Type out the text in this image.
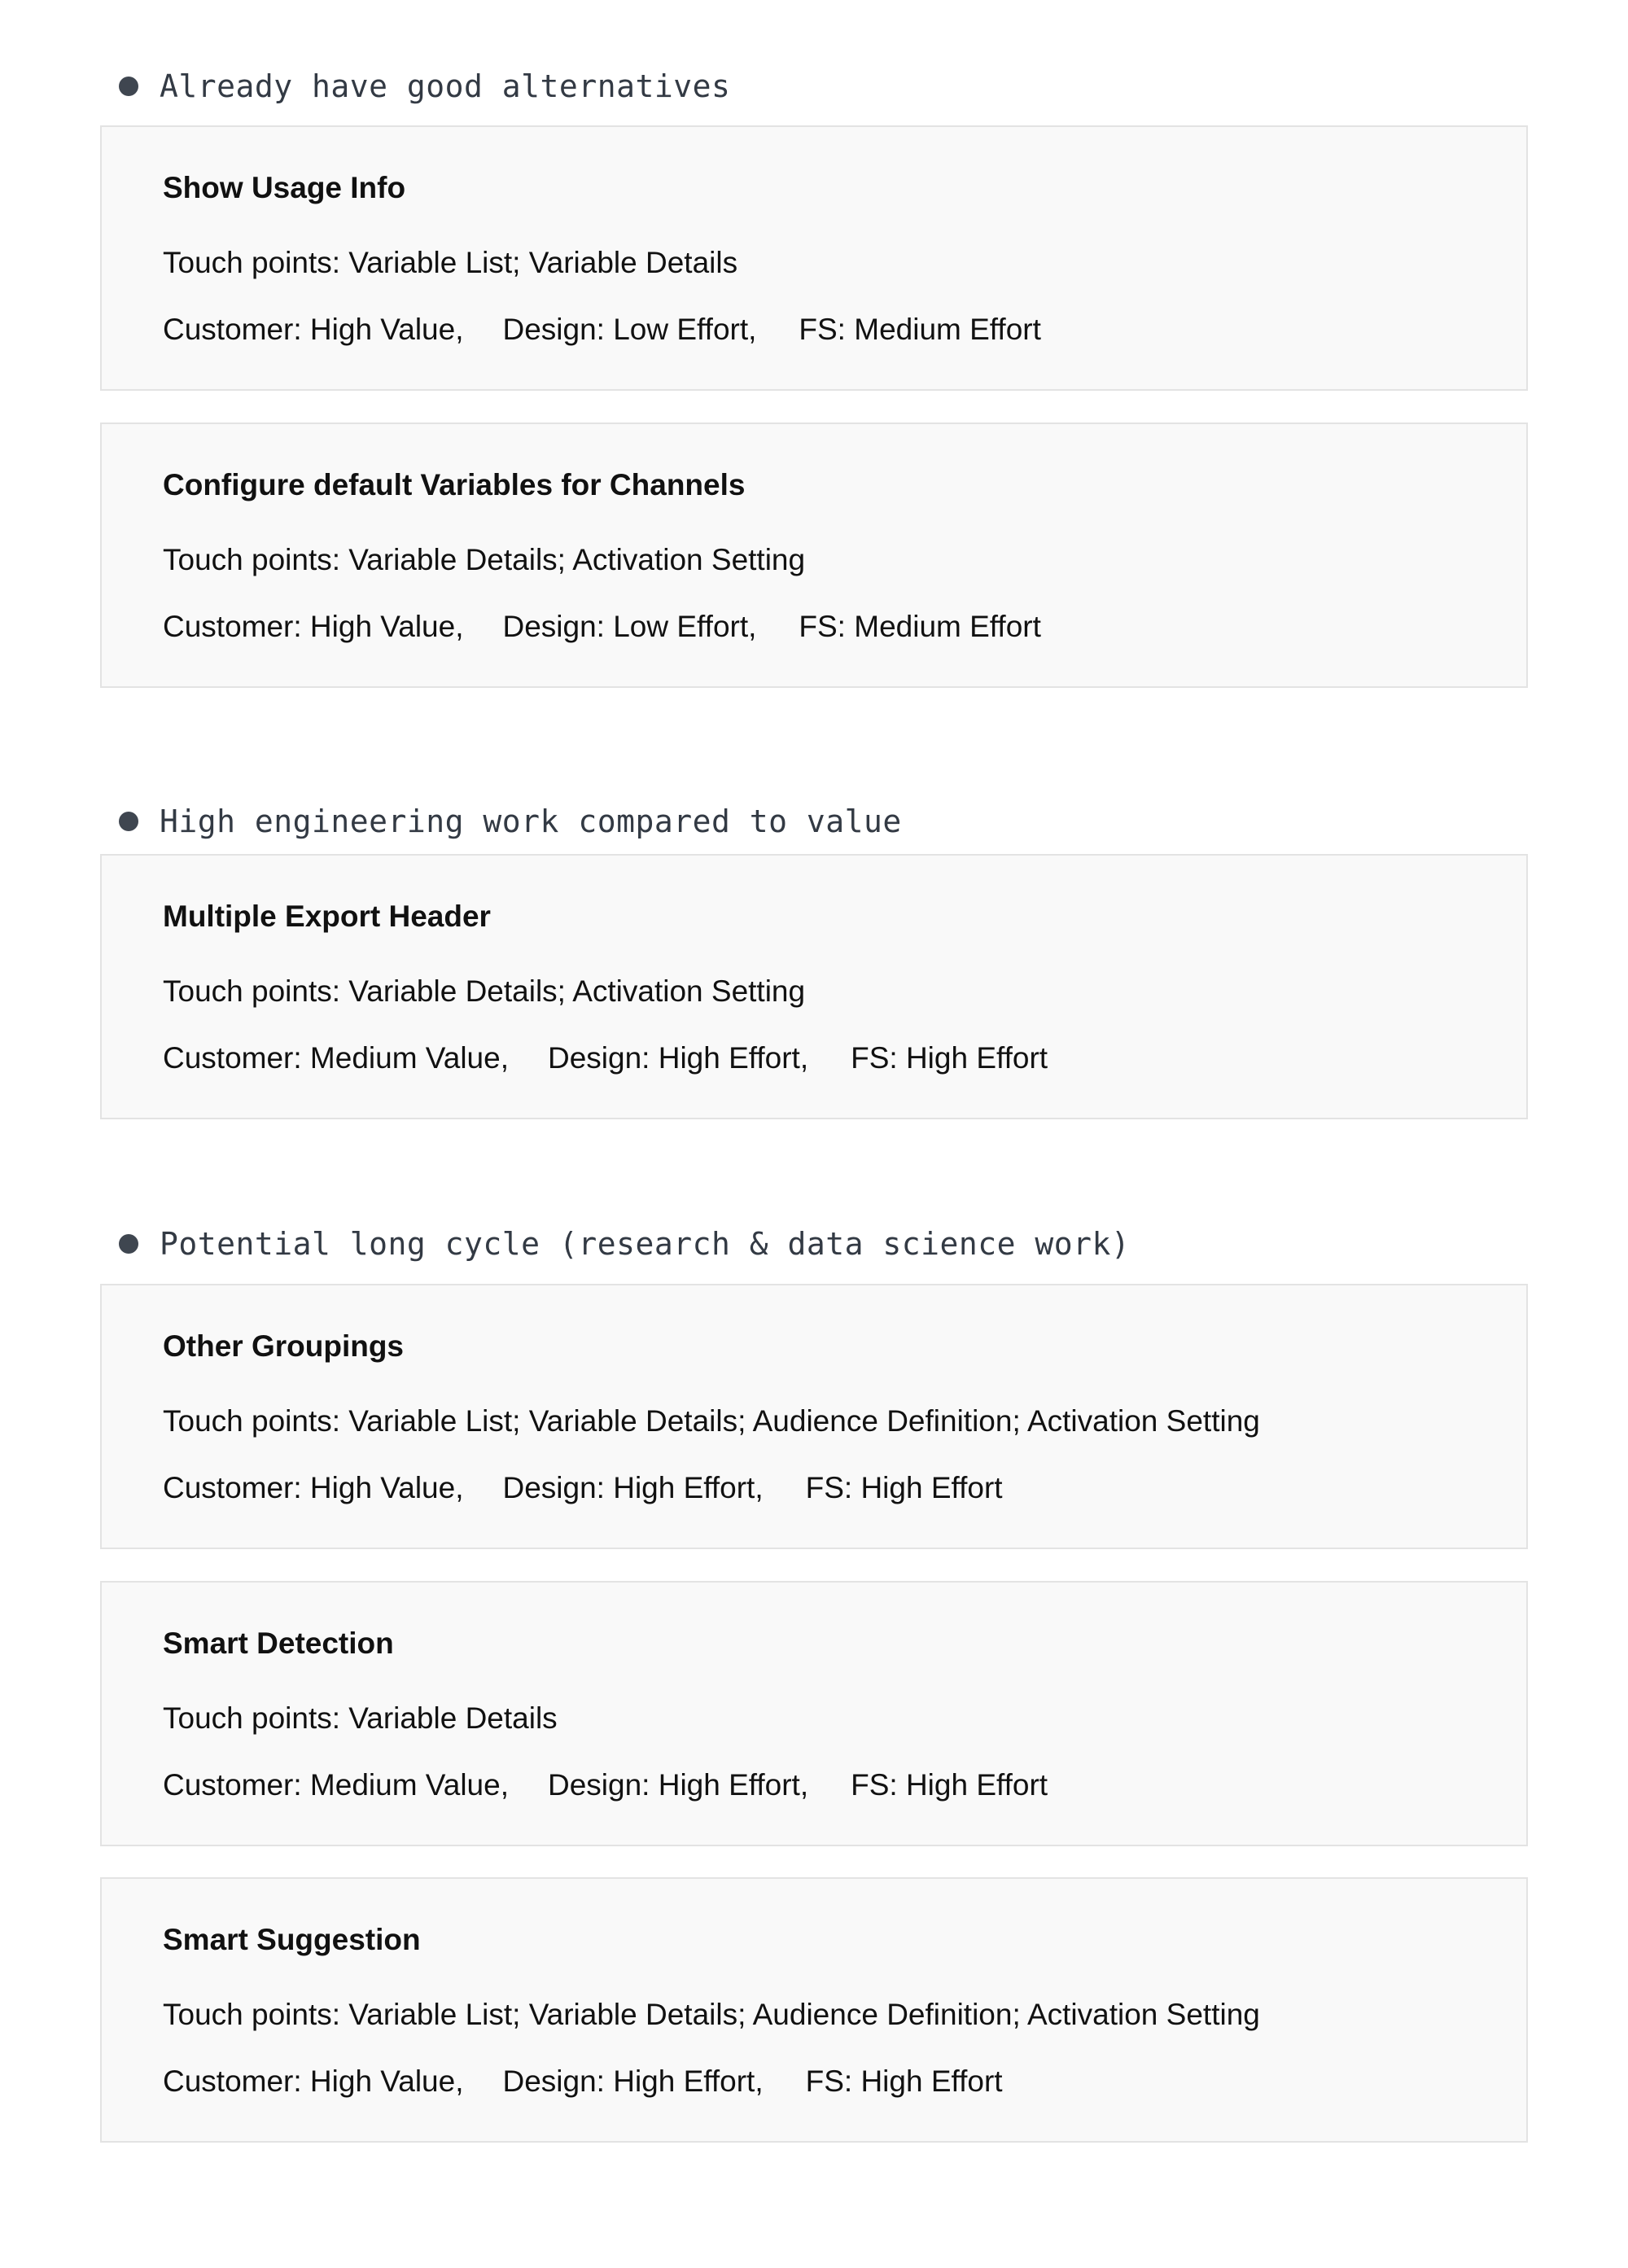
Already have good alternatives
Show Usage Info
Touch points: Variable List; Variable Details
Customer: High Value, Design: Low Effort, FS: Medium Effort
Configure default Variables for Channels
Touch points: Variable Details; Activation Setting
Customer: High Value, Design: Low Effort, FS: Medium Effort
High engineering work compared to value
Multiple Export Header
Touch points: Variable Details; Activation Setting
Customer: Medium Value, Design: High Effort, FS: High Effort
Potential long cycle (research & data science work)
Other Groupings
Touch points: Variable List; Variable Details; Audience Definition; Activation Setting
Customer: High Value, Design: High Effort, FS: High Effort
Smart Detection
Touch points: Variable Details
Customer: Medium Value, Design: High Effort, FS: High Effort
Smart Suggestion
Touch points: Variable List; Variable Details; Audience Definition; Activation Setting
Customer: High Value, Design: High Effort, FS: High Effort
